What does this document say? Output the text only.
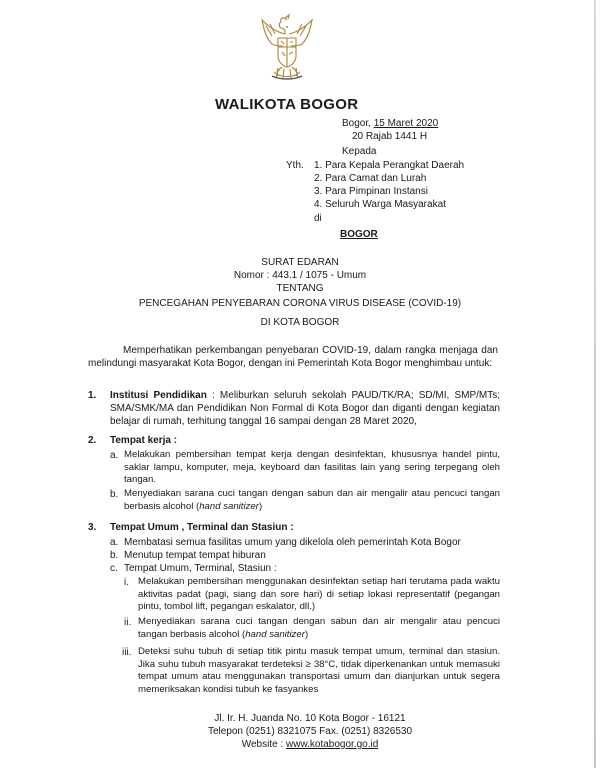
WALIKOTA BOGOR
Bogor, 15 Maret 2020
20 Rajab 1441 H
Kepada
Yth. 1. Para Kepala Perangkat Daerah
2. Para Camat dan Lurah
3. Para Pimpinan Instansi
4. Seluruh Warga Masyarakat
di
BOGOR
SURAT EDARAN
Nomor : 443.1 / 1075 - Umum
TENTANG
PENCEGAHAN PENYEBARAN CORONA VIRUS DISEASE (COVID-19)
DI KOTA BOGOR
Memperhatikan perkembangan penyebaran COVID-19, dalam rangka menjaga dan melindungi masyarakat Kota Bogor, dengan ini Pemerintah Kota Bogor menghimbau untuk:
1. Institusi Pendidikan : Meliburkan seluruh sekolah PAUD/TK/RA; SD/MI, SMP/MTs; SMA/SMK/MA dan Pendidikan Non Formal di Kota Bogor dan diganti dengan kegiatan belajar di rumah, terhitung tanggal 16 sampai dengan 28 Maret 2020,
2. Tempat kerja :
a. Melakukan pembersihan tempat kerja dengan desinfektan, khususnya handel pintu, saklar lampu, komputer, meja, keyboard dan fasilitas lain yang sering terpegang oleh tangan.
b. Menyediakan sarana cuci tangan dengan sabun dan air mengalir atau pencuci tangan berbasis alcohol (hand sanitizer)
3. Tempat Umum , Terminal dan Stasiun :
a. Membatasi semua fasilitas umum yang dikelola oleh pemerintah Kota Bogor
b. Menutup tempat tempat hiburan
c. Tempat Umum, Terminal, Stasiun :
i. Melakukan pembersihan menggunakan desinfektan setiap hari terutama pada waktu aktivitas padat (pagi, siang dan sore hari) di setiap lokasi representatif (pegangan pintu, tombol lift, pegangan eskalator, dll.)
ii. Menyediakan sarana cuci tangan dengan sabun dan air mengalir atau pencuci tangan berbasis alcohol (hand sanitizer)
iii. Deteksi suhu tubuh di setiap titik pintu masuk tempat umum, terminal dan stasiun. Jika suhu tubuh masyarakat terdeteksi ≥ 38°C, tidak diperkenankan untuk memasuki tempat umum atau menggunakan transportasi umum dan dianjurkan untuk segera memeriksakan kondisi tubuh ke fasyankes
Jl. Ir. H. Juanda No. 10 Kota Bogor - 16121
Telepon (0251) 8321075 Fax. (0251) 8326530
Website : www.kotabogor.go.id
